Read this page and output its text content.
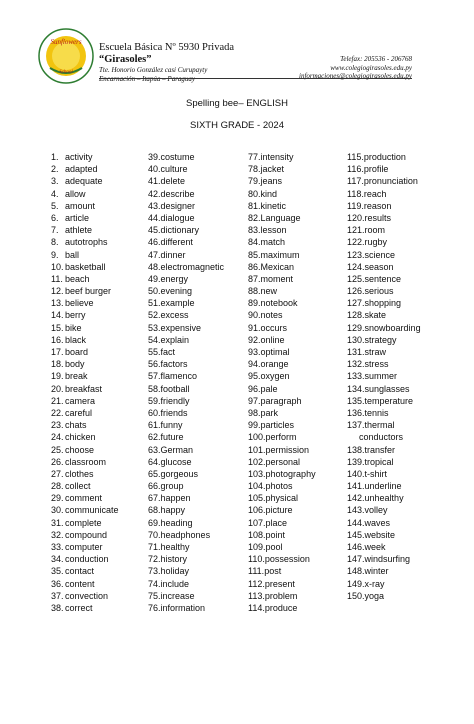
Sunflowers
School
Escuela Básica Nº 5930 Privada
“Girasoles”
Tte. Honorio González casi Curupayty
Encarnación – Itapúa – Paraguay
Telefax: 205536 - 206768
www.colegiogirasoles.edu.py
informaciones@colegiogirasoles.edu.py
Spelling bee– ENGLISH
SIXTH GRADE - 2024
1. activity
2. adapted
3. adequate
4. allow
5. amount
6. article
7. athlete
8. autotrophs
9. ball
10. basketball
11. beach
12. beef burger
13. believe
14. berry
15. bike
16. black
17. board
18. body
19. break
20. breakfast
21. camera
22. careful
23. chats
24. chicken
25. choose
26. classroom
27. clothes
28. collect
29. comment
30. communicate
31. complete
32. compound
33. computer
34. conduction
35. contact
36. content
37. convection
38. correct
39. costume
40. culture
41. delete
42. describe
43. designer
44. dialogue
45. dictionary
46. different
47. dinner
48. electromagnetic
49. energy
50. evening
51. example
52. excess
53. expensive
54. explain
55. fact
56. factors
57. flamenco
58. football
59. friendly
60. friends
61. funny
62. future
63. German
64. glucose
65. gorgeous
66. group
67. happen
68. happy
69. heading
70. headphones
71. healthy
72. history
73. holiday
74. include
75. increase
76. information
77. intensity
78. jacket
79. jeans
80. kind
81. kinetic
82. Language
83. lesson
84. match
85. maximum
86. Mexican
87. moment
88. new
89. notebook
90. notes
91. occurs
92. online
93. optimal
94. orange
95. oxygen
96. pale
97. paragraph
98. park
99. particles
100. perform
101. permission
102. personal
103. photography
104. photos
105. physical
106. picture
107. place
108. point
109. pool
110. possession
111. post
112. present
113. problem
114. produce
115. production
116. profile
117. pronunciation
118. reach
119. reason
120. results
121. room
122. rugby
123. science
124. season
125. sentence
126. serious
127. shopping
128. skate
129. snowboarding
130. strategy
131. straw
132. stress
133. summer
134. sunglasses
135. temperature
136. tennis
137. thermal
conductors
138. transfer
139. tropical
140. t-shirt
141. underline
142. unhealthy
143. volley
144. waves
145. website
146. week
147. windsurfing
148. winter
149. x-ray
150. yoga
